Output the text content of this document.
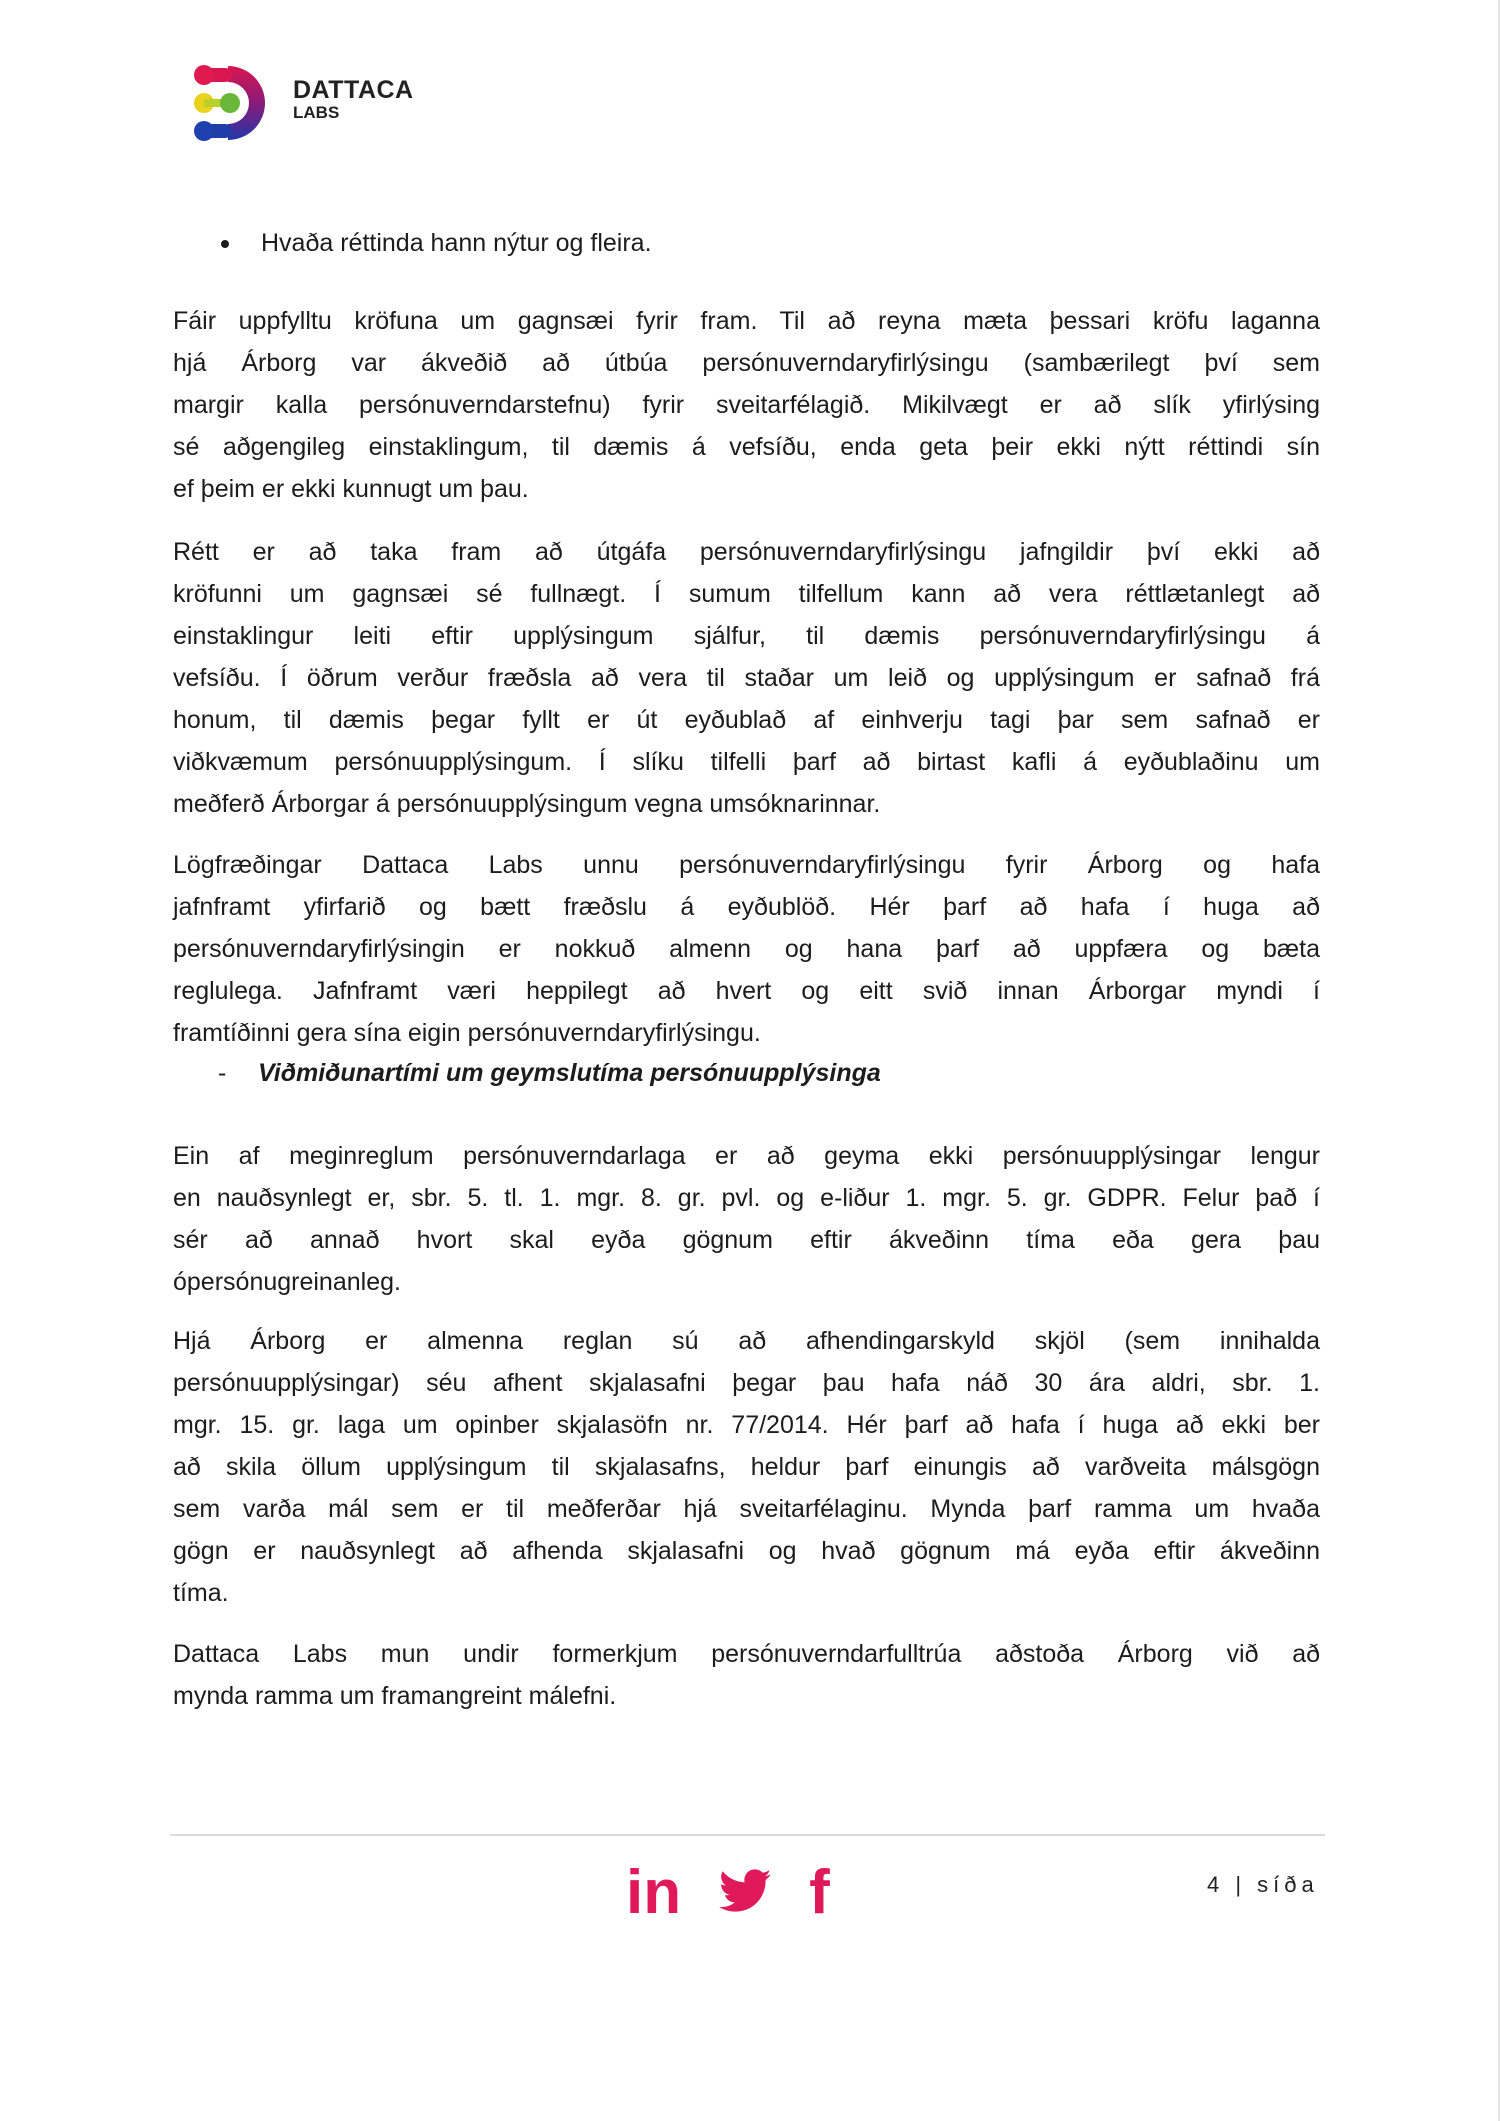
DATTACA
LABS
Hvaða réttinda hann nýtur og fleira.
Fáir uppfylltu kröfuna um gagnsæi fyrir fram. Til að reyna mæta þessari kröfu laganna
hjá Árborg var ákveðið að útbúa persónuverndaryfirlýsingu (sambærilegt því sem
margir kalla persónuverndarstefnu) fyrir sveitarfélagið. Mikilvægt er að slík yfirlýsing
sé aðgengileg einstaklingum, til dæmis á vefsíðu, enda geta þeir ekki nýtt réttindi sín
ef þeim er ekki kunnugt um þau.
Rétt er að taka fram að útgáfa persónuverndaryfirlýsingu jafngildir því ekki að
kröfunni um gagnsæi sé fullnægt. Í sumum tilfellum kann að vera réttlætanlegt að
einstaklingur leiti eftir upplýsingum sjálfur, til dæmis persónuverndaryfirlýsingu á
vefsíðu. Í öðrum verður fræðsla að vera til staðar um leið og upplýsingum er safnað frá
honum, til dæmis þegar fyllt er út eyðublað af einhverju tagi þar sem safnað er
viðkvæmum persónuupplýsingum. Í slíku tilfelli þarf að birtast kafli á eyðublaðinu um
meðferð Árborgar á persónuupplýsingum vegna umsóknarinnar.
Lögfræðingar Dattaca Labs unnu persónuverndaryfirlýsingu fyrir Árborg og hafa
jafnframt yfirfarið og bætt fræðslu á eyðublöð. Hér þarf að hafa í huga að
persónuverndaryfirlýsingin er nokkuð almenn og hana þarf að uppfæra og bæta
reglulega. Jafnframt væri heppilegt að hvert og eitt svið innan Árborgar myndi í
framtíðinni gera sína eigin persónuverndaryfirlýsingu.
Ein af meginreglum persónuverndarlaga er að geyma ekki persónuupplýsingar lengur
en nauðsynlegt er, sbr. 5. tl. 1. mgr. 8. gr. pvl. og e-liður 1. mgr. 5. gr. GDPR. Felur það í
sér að annað hvort skal eyða gögnum eftir ákveðinn tíma eða gera þau
ópersónugreinanleg.
Hjá Árborg er almenna reglan sú að afhendingarskyld skjöl (sem innihalda
persónuupplýsingar) séu afhent skjalasafni þegar þau hafa náð 30 ára aldri, sbr. 1.
mgr. 15. gr. laga um opinber skjalasöfn nr. 77/2014. Hér þarf að hafa í huga að ekki ber
að skila öllum upplýsingum til skjalasafns, heldur þarf einungis að varðveita málsgögn
sem varða mál sem er til meðferðar hjá sveitarfélaginu. Mynda þarf ramma um hvaða
gögn er nauðsynlegt að afhenda skjalasafni og hvað gögnum má eyða eftir ákveðinn
tíma.
Dattaca Labs mun undir formerkjum persónuverndarfulltrúa aðstoða Árborg við að
mynda ramma um framangreint málefni.
- Viðmiðunartími um geymslutíma persónuupplýsinga
in f	4 | síða
